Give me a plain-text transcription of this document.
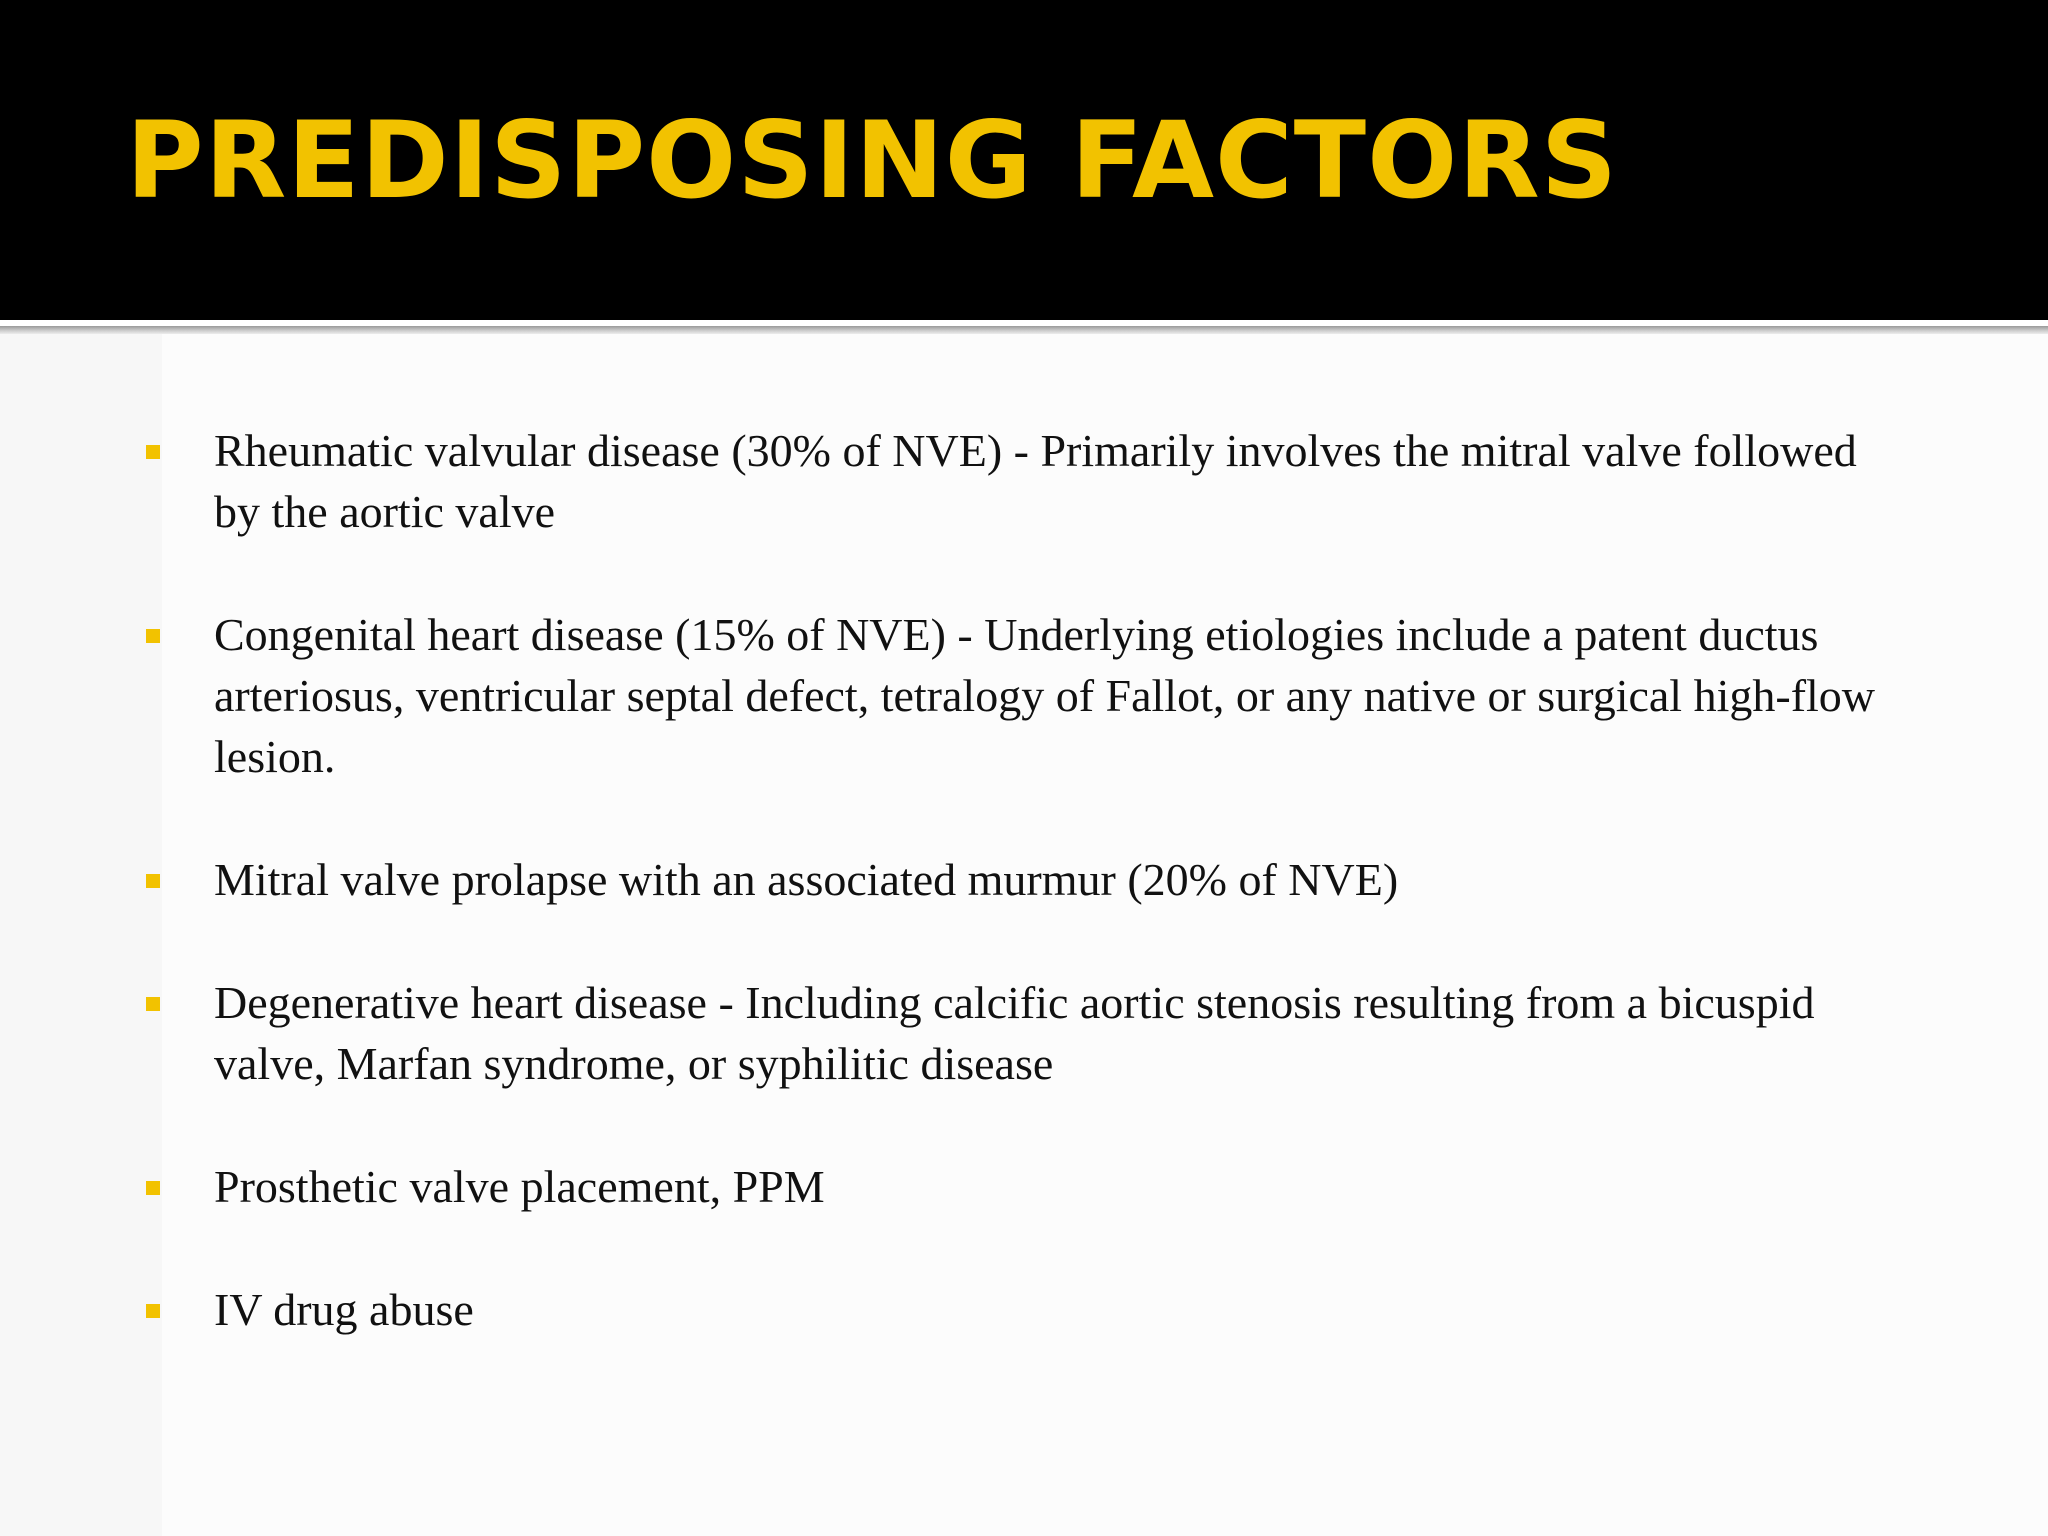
PREDISPOSING FACTORS
Rheumatic valvular disease (30% of NVE) - Primarily involves the mitral valve followed by the aortic valve
Congenital heart disease (15% of NVE) - Underlying etiologies include a patent ductus arteriosus, ventricular septal defect, tetralogy of Fallot, or any native or surgical high-flow lesion.
Mitral valve prolapse with an associated murmur (20% of NVE)
Degenerative heart disease - Including calcific aortic stenosis resulting from a bicuspid valve, Marfan syndrome, or syphilitic disease
Prosthetic valve placement, PPM
IV drug abuse
